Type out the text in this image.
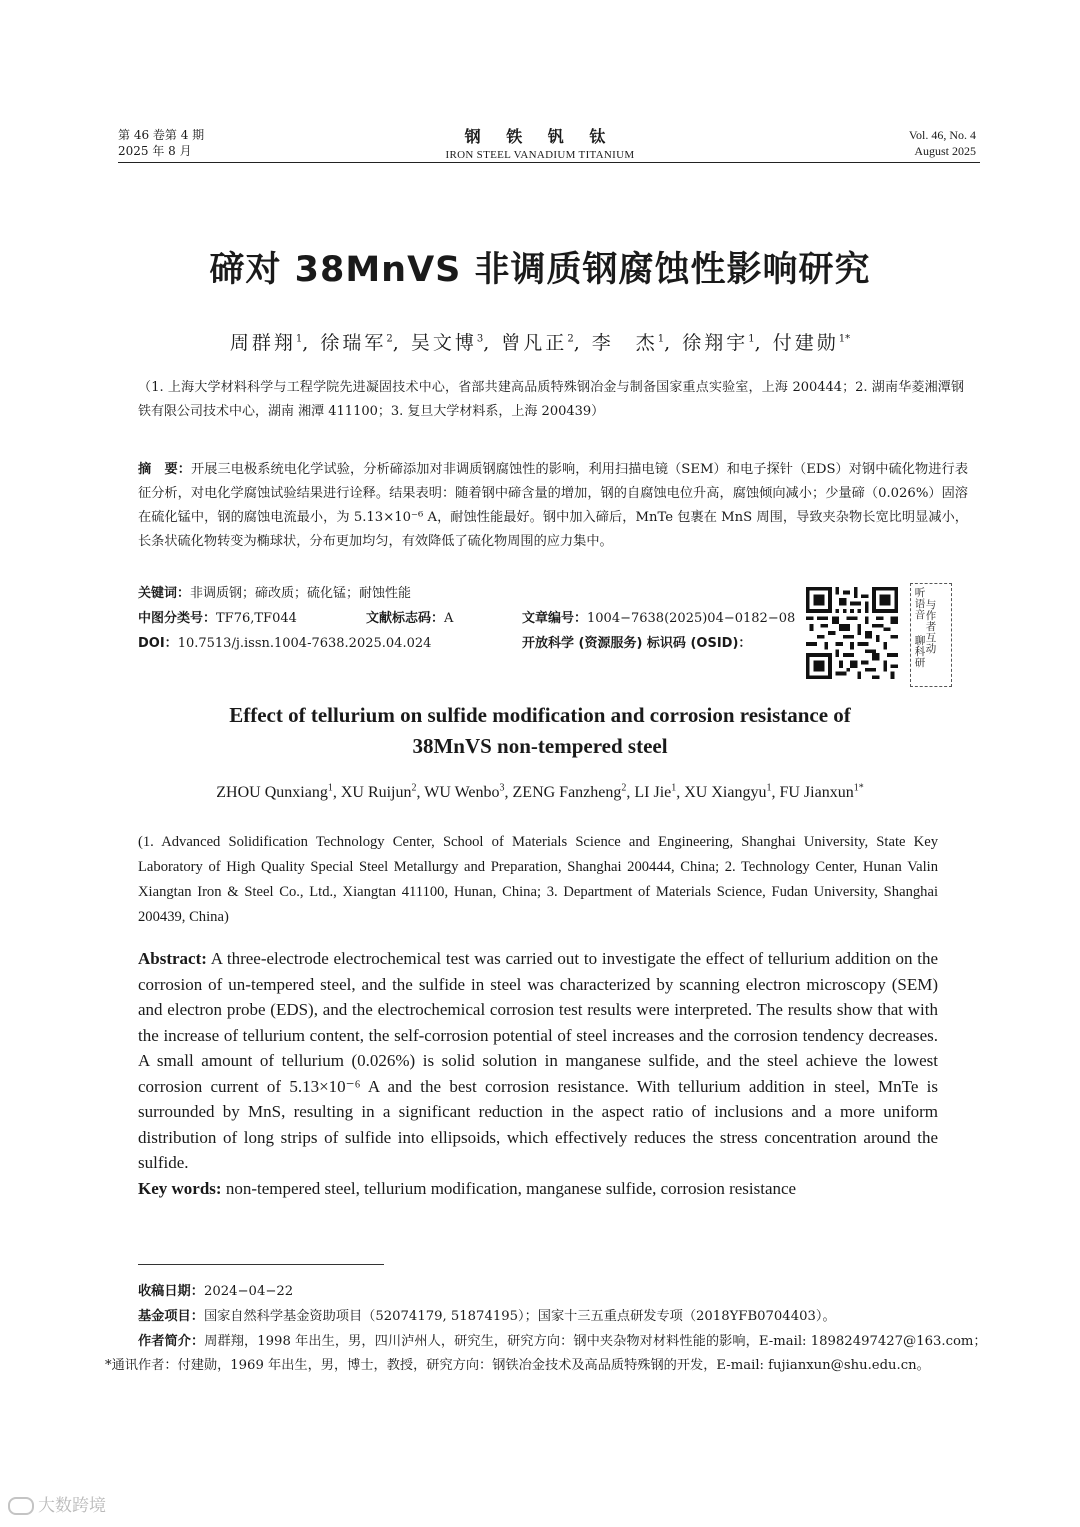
第 46 卷第 4 期
2025 年 8 月
钢 铁 钒 钛
IRON STEEL VANADIUM TITANIUM
Vol. 46, No. 4
August 2025
碲对 38MnVS 非调质钢腐蚀性影响研究
周群翔$^1$, 徐瑞军$^2$, 吴文博$^3$, 曾凡正$^2$, 李　杰$^1$, 徐翔宇$^1$, 付建勋$^{1*}$
（1. 上海大学材料科学与工程学院先进凝固技术中心，省部共建高品质特殊钢冶金与制备国家重点实验室，上海 200444；2. 湖南华菱湘潭钢铁有限公司技术中心，湖南 湘潭 411100；3. 复旦大学材料系，上海 200439）
摘　要：开展三电极系统电化学试验，分析碲添加对非调质钢腐蚀性的影响，利用扫描电镜（SEM）和电子探针（EDS）对钢中硫化物进行表征分析，对电化学腐蚀试验结果进行诠释。结果表明：随着钢中碲含量的增加，钢的自腐蚀电位升高，腐蚀倾向减小；少量碲（0.026%）固溶在硫化锰中，钢的腐蚀电流最小，为 5.13×10⁻⁶ A，耐蚀性能最好。钢中加入碲后，MnTe 包裹在 MnS 周围，导致夹杂物长宽比明显减小，长条状硫化物转变为椭球状，分布更加均匀，有效降低了硫化物周围的应力集中。
关键词：非调质钢；碲改质；硫化锰；耐蚀性能
中图分类号：TF76,TF044	文献标志码：A	文章编号：1004−7638(2025)04−0182−08
DOI：10.7513/j.issn.1004-7638.2025.04.024	开放科学 (资源服务) 标识码 (OSID)：
听语音
与作者互动
聊科研
Effect of tellurium on sulfide modification and corrosion resistance of
38MnVS non-tempered steel
ZHOU Qunxiang$^1$, XU Ruijun$^2$, WU Wenbo$^3$, ZENG Fanzheng$^2$, LI Jie$^1$, XU Xiangyu$^1$, FU Jianxun$^{1*}$
(1. Advanced Solidification Technology Center, School of Materials Science and Engineering, Shanghai University, State Key Laboratory of High Quality Special Steel Metallurgy and Preparation, Shanghai 200444, China; 2. Technology Center, Hunan Valin Xiangtan Iron & Steel Co., Ltd., Xiangtan 411100, Hunan, China; 3. Department of Materials Science, Fudan University, Shanghai 200439, China)
Abstract: A three-electrode electrochemical test was carried out to investigate the effect of tellurium addition on the corrosion of un-tempered steel, and the sulfide in steel was characterized by scanning electron microscopy (SEM) and electron probe (EDS), and the electrochemical corrosion test results were interpreted. The results show that with the increase of tellurium content, the self-corrosion potential of steel increases and the corrosion tendency decreases. A small amount of tellurium (0.026%) is solid solution in manganese sulfide, and the steel achieve the lowest corrosion current of 5.13×10⁻⁶ A and the best corrosion resistance. With tellurium addition in steel, MnTe is surrounded by MnS, resulting in a significant reduction in the aspect ratio of inclusions and a more uniform distribution of long strips of sulfide into ellipsoids, which effectively reduces the stress concentration around the sulfide.
Key words: non-tempered steel, tellurium modification, manganese sulfide, corrosion resistance
收稿日期：2024−04−22
基金项目：国家自然科学基金资助项目（52074179, 51874195）；国家十三五重点研发专项（2018YFB0704403）。
作者简介：周群翔，1998 年出生，男，四川泸州人，研究生，研究方向：钢中夹杂物对材料性能的影响，E-mail: 18982497427@163.com；　*通讯作者：付建勋，1969 年出生，男，博士，教授，研究方向：钢铁冶金技术及高品质特殊钢的开发，E-mail: fujianxun@shu.edu.cn。
大数跨境
